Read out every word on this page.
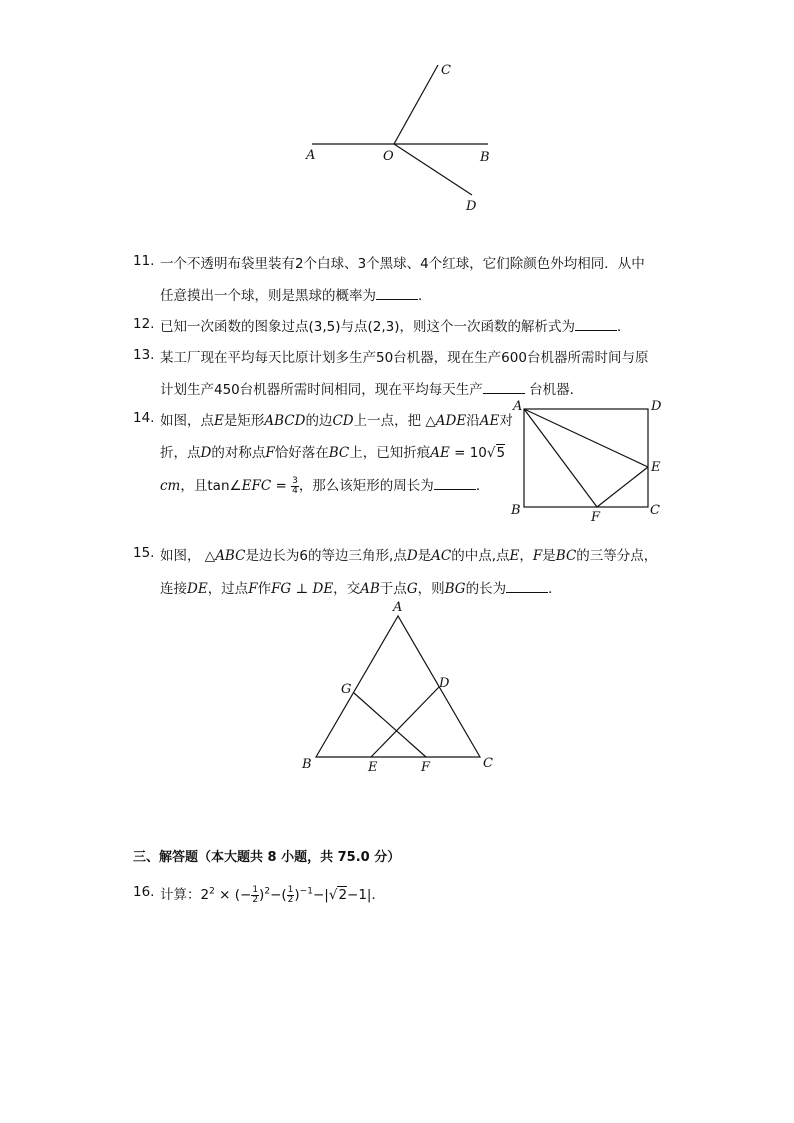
A	O	B
C
D
11. 一个不透明布袋里装有2个白球、3个黑球、4个红球，它们除颜色外均相同．从中
任意摸出一个球，则是黑球的概率为	．
12. 已知一次函数的图象过点(3,5)与点(2,3)，则这个一次函数的解析式为	．
13. 某工厂现在平均每天比原计划多生产50台机器，现在生产600台机器所需时间与原
计划生产450台机器所需时间相同，现在平均每天生产	台机器．
14. 如图，点E是矩形ABCD的边CD上一点，把 △ADE沿AE对
折，点D的对称点F恰好落在BC上，已知折痕AE = 10√5
cm，且tan∠EFC = $\frac{3}{4}$ ，那么该矩形的周长为	．
A	D
E
B	F	C
15. 如图， △ABC是边长为6的等边三角形,点D是AC的中点,点E，F是BC的三等分点，
连接DE，过点F作FG ⊥ DE，交AB于点G，则BG的长为	．
A
G	D
B	E	F	C
三、解答题（本大题共 8 小题，共 75.0 分）
16. 计算：$2^2$ × (− $\frac{1}{2} )^2-( \frac{1}{2} )^{-1}-|√2-1|$．
